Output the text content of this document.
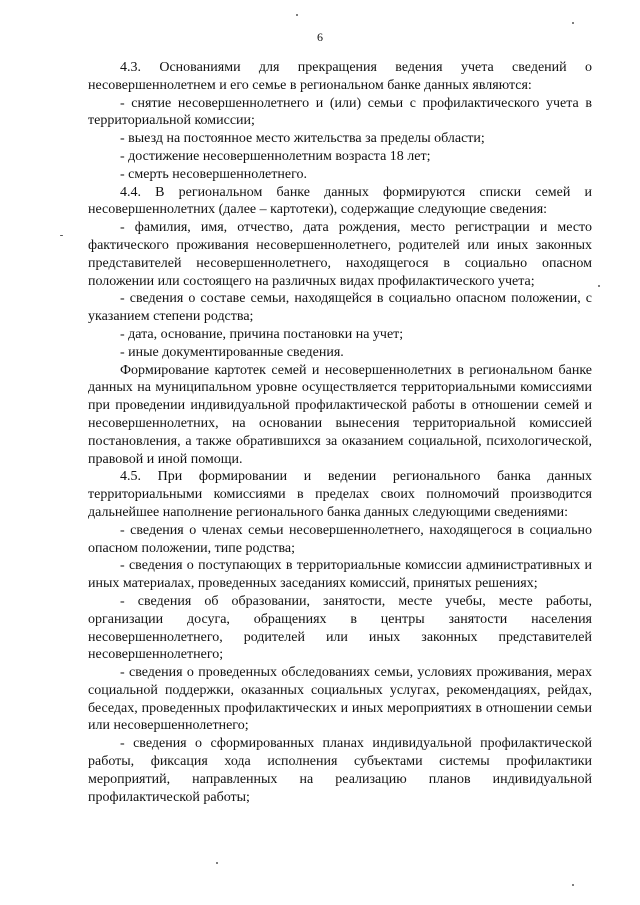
6

4.3. Основаниями для прекращения ведения учета сведений о несовершеннолетнем и его семье в региональном банке данных являются:

- снятие несовершеннолетнего и (или) семьи с профилактического учета в территориальной комиссии;

- выезд на постоянное место жительства за пределы области;

- достижение несовершеннолетним возраста 18 лет;

- смерть несовершеннолетнего.

4.4. В региональном банке данных формируются списки семей и несовершеннолетних (далее – картотеки), содержащие следующие сведения:

- фамилия, имя, отчество, дата рождения, место регистрации и место фактического проживания несовершеннолетнего, родителей или иных законных представителей несовершеннолетнего, находящегося в социально опасном положении или состоящего на различных видах профилактического учета;

- сведения о составе семьи, находящейся в социально опасном положении, с указанием степени родства;

- дата, основание, причина постановки на учет;

- иные документированные сведения.

Формирование картотек семей и несовершеннолетних в региональном банке данных на муниципальном уровне осуществляется территориальными комиссиями при проведении индивидуальной профилактической работы в отношении семей и несовершеннолетних, на основании вынесения территориальной комиссией постановления, а также обратившихся за оказанием социальной, психологической, правовой и иной помощи.

4.5. При формировании и ведении регионального банка данных территориальными комиссиями в пределах своих полномочий производится дальнейшее наполнение регионального банка данных следующими сведениями:

- сведения о членах семьи несовершеннолетнего, находящегося в социально опасном положении, типе родства;

- сведения о поступающих в территориальные комиссии административных и иных материалах, проведенных заседаниях комиссий, принятых решениях;

- сведения об образовании, занятости, месте учебы, месте работы, организации досуга, обращениях в центры занятости населения несовершеннолетнего, родителей или иных законных представителей несовершеннолетнего;

- сведения о проведенных обследованиях семьи, условиях проживания, мерах социальной поддержки, оказанных социальных услугах, рекомендациях, рейдах, беседах, проведенных профилактических и иных мероприятиях в отношении семьи или несовершеннолетнего;

- сведения о сформированных планах индивидуальной профилактической работы, фиксация хода исполнения субъектами системы профилактики мероприятий, направленных на реализацию планов индивидуальной профилактической работы;
